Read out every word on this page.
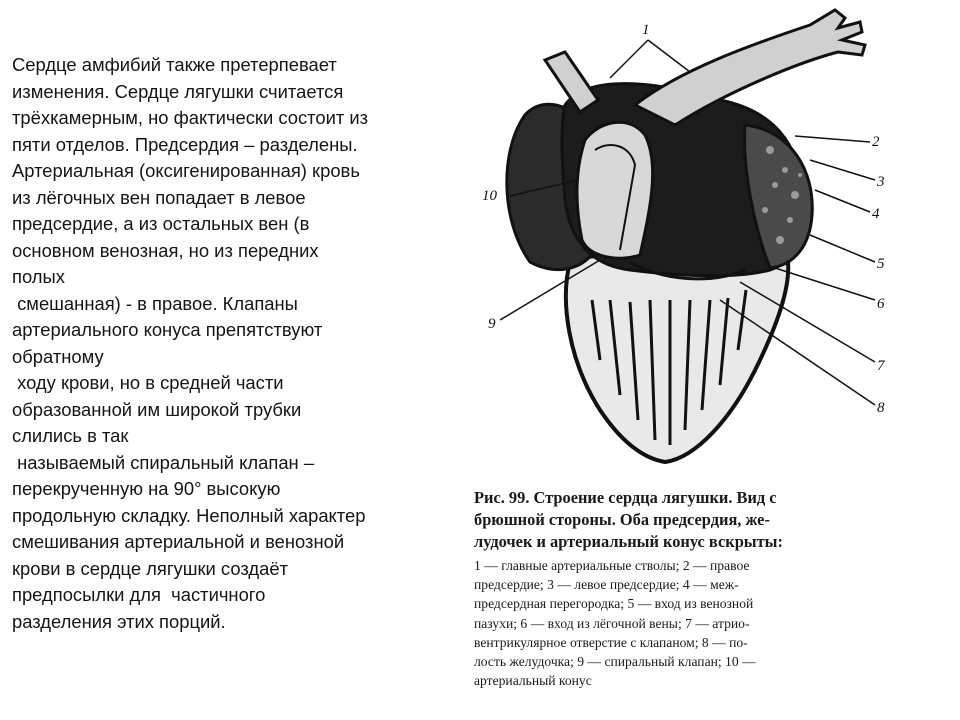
Сердце амфибий также претерпевает
изменения. Сердце лягушки считается
трёхкамерным, но фактически состоит из
пяти отделов. Предсердия – разделены.
Артериальная (оксигенированная) кровь
из лёгочных вен попадает в левое
предсердие, а из остальных вен (в
основном венозная, но из передних
полых
смешанная) - в правое. Клапаны
артериального конуса препятствуют
обратному
ходу крови, но в средней части
образованной им широкой трубки
слились в так
называемый спиральный клапан –
перекрученную на 90° высокую
продольную складку. Неполный характер
смешивания артериальной и венозной
крови в сердце лягушки создаёт
предпосылки для  частичного
разделения этих порций.
1
2
3
4
5
6
7
8
9
10
Рис. 99. Строение сердца лягушки. Вид с
брюшной стороны. Оба предсердия, же-
лудочек и артериальный конус вскрыты:
1 — главные артериальные стволы; 2 — правое
предсердие; 3 — левое предсердие; 4 — меж-
предсердная перегородка; 5 — вход из венозной
пазухи; 6 — вход из лёгочной вены; 7 — атрио-
вентрикулярное отверстие с клапаном; 8 — по-
лость желудочка; 9 — спиральный клапан; 10 —
артериальный конус
